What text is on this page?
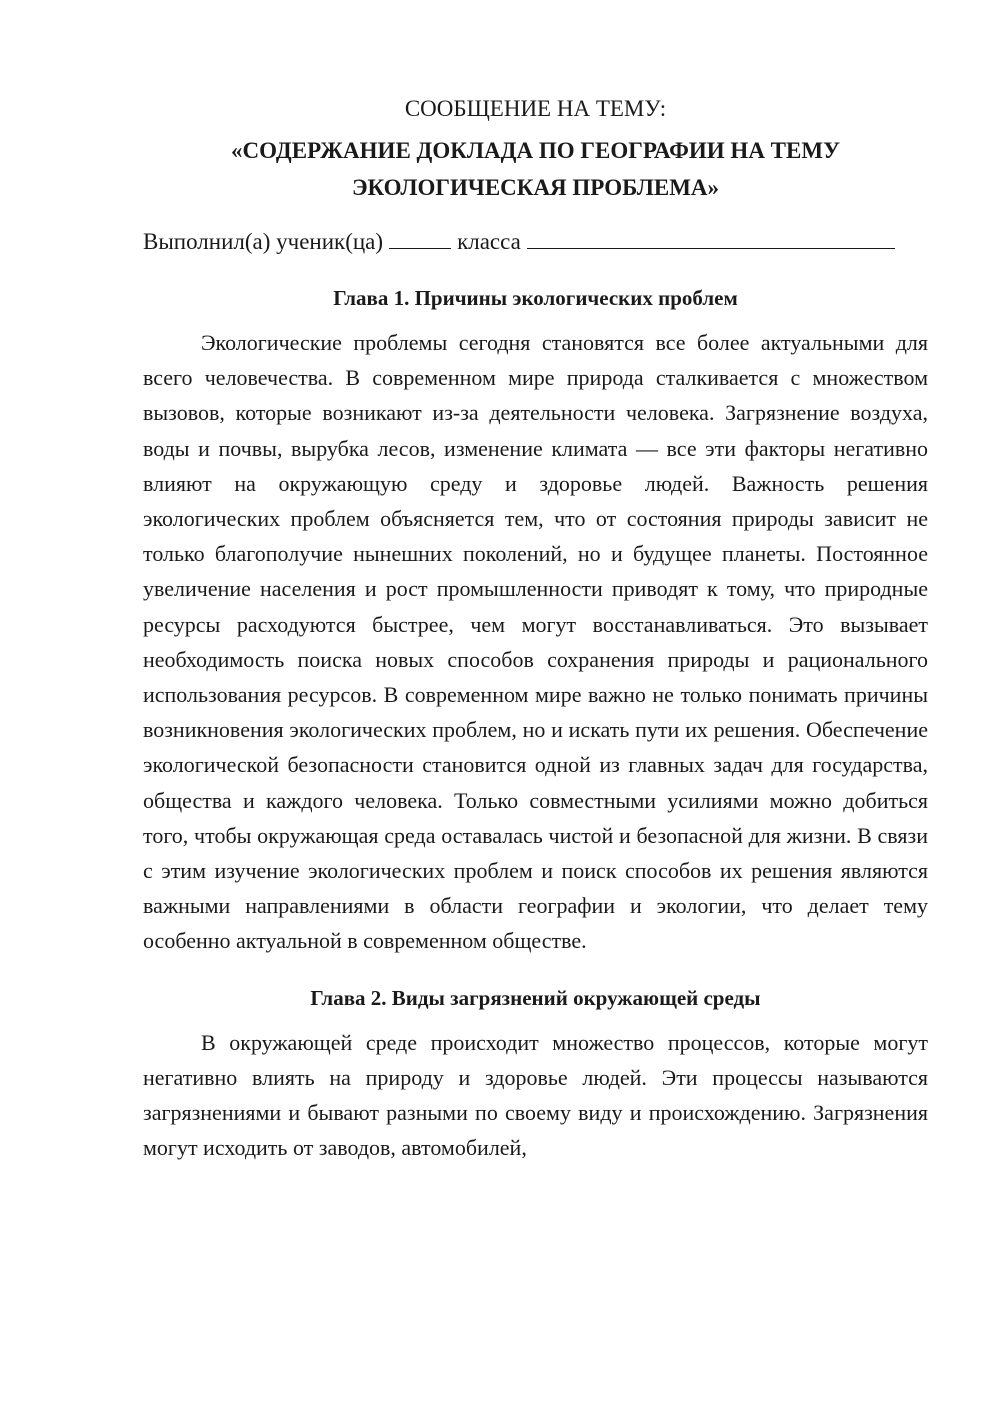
СООБЩЕНИЕ НА ТЕМУ:

«СОДЕРЖАНИЕ ДОКЛАДА ПО ГЕОГРАФИИ НА ТЕМУ
ЭКОЛОГИЧЕСКАЯ ПРОБЛЕМА»

Выполнил(а) ученик(ца)	класса

Глава 1. Причины экологических проблем

Экологические проблемы сегодня становятся все более актуальными для всего человечества. В современном мире природа сталкивается с множеством вызовов, которые возникают из-за деятельности человека. Загрязнение воздуха, воды и почвы, вырубка лесов, изменение климата — все эти факторы негативно влияют на окружающую среду и здоровье людей. Важность решения экологических проблем объясняется тем, что от состояния природы зависит не только благополучие нынешних поколений, но и будущее планеты. Постоянное увеличение населения и рост промышленности приводят к тому, что природные ресурсы расходуются быстрее, чем могут восстанавливаться. Это вызывает необходимость поиска новых способов сохранения природы и рационального использования ресурсов. В современном мире важно не только понимать причины возникновения экологических проблем, но и искать пути их решения. Обеспечение экологической безопасности становится одной из главных задач для государства, общества и каждого человека. Только совместными усилиями можно добиться того, чтобы окружающая среда оставалась чистой и безопасной для жизни. В связи с этим изучение экологических проблем и поиск способов их решения являются важными направлениями в области географии и экологии, что делает тему особенно актуальной в современном обществе.

Глава 2. Виды загрязнений окружающей среды

В окружающей среде происходит множество процессов, которые могут негативно влиять на природу и здоровье людей. Эти процессы называются загрязнениями и бывают разными по своему виду и происхождению. Загрязнения могут исходить от заводов, автомобилей,
